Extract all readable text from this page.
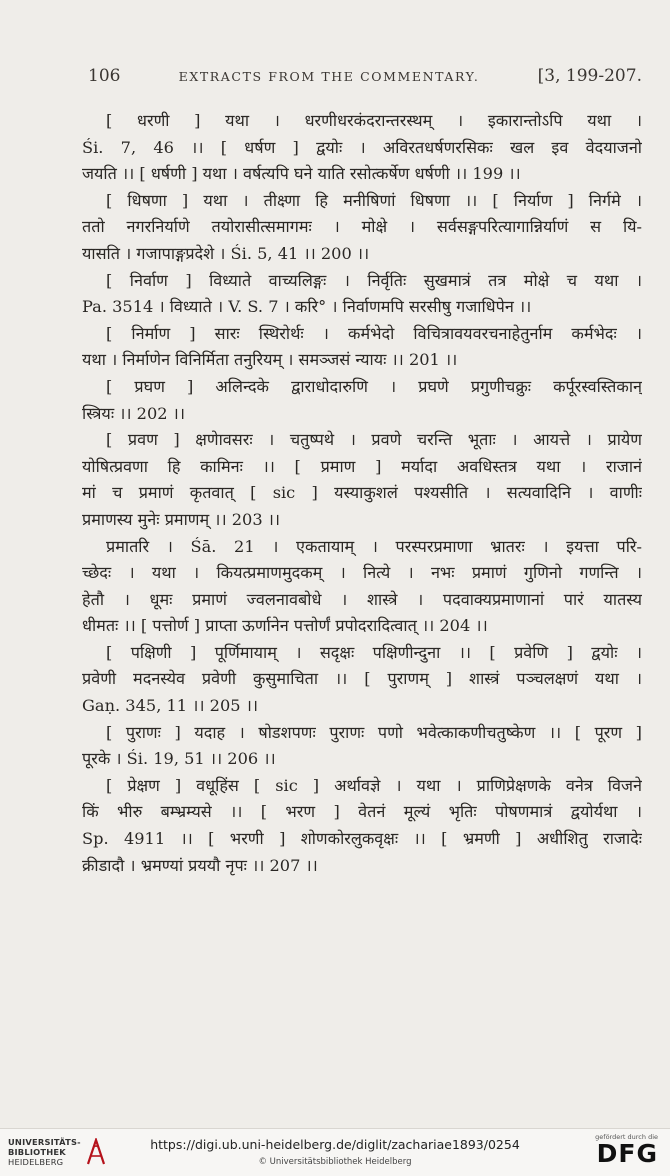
106	EXTRACTS FROM THE COMMENTARY.	[3, 199-207.
[ धरणी ] यथा । धरणीधरकंदरान्तरस्थम् । इकारान्तोऽपि यथा ।
Śi. 7, 46 ।। [ धर्षण ] द्वयोः । अविरतधर्षणरसिकः खल इव वेदयाजनो
जयति ।। [ धर्षणी ] यथा । वर्षत्यपि घने याति रसोत्कर्षेण धर्षणी ।। 199 ।।
[ धिषणा ] यथा । तीक्ष्णा हि मनीषिणां धिषणा ।। [ निर्याण ] निर्गमे ।
ततो नगरनिर्याणे तयोरासीत्समागमः । मोक्षे । सर्वसङ्गपरित्यागान्निर्याणं स यि-
यासति । गजापाङ्गप्रदेशे । Śi. 5, 41 ।। 200 ।।
[ निर्वाण ] विध्याते वाच्यलिङ्गः । निर्वृतिः सुखमात्रं तत्र मोक्षे च यथा ।
Pa. 3514 । विध्याते । V. S. 7 । करि° । निर्वाणमपि सरसीषु गजाधिपेन ।।
[ निर्माण ] सारः स्थिरोर्थः । कर्मभेदो विचित्रावयवरचनाहेतुर्नाम कर्मभेदः ।
यथा । निर्माणेन विनिर्मिता तनुरियम् । समञ्जसं न्यायः ।। 201 ।।
[ प्रघण ] अलिन्दके द्वाराधोदारुणि । प्रघणे प्रगुणीचक्रुः कर्पूरस्वस्तिकान्
स्त्रियः ।। 202 ।।
[ प्रवण ] क्षणेावसरः । चतुष्पथे । प्रवणे चरन्ति भूताः । आयत्ते । प्रायेण
योषित्प्रवणा हि कामिनः ।। [ प्रमाण ] मर्यादा अवधिस्तत्र यथा । राजानं
मां च प्रमाणं कृतवात् [ sic ] यस्याकुशलं पश्यसीति । सत्यवादिनि । वाणीः
प्रमाणस्य मुनेः प्रमाणम् ।। 203 ।।
प्रमातरि । Śā. 21 । एकतायाम् । परस्परप्रमाणा भ्रातरः । इयत्ता परि-
च्छेदः । यथा । कियत्प्रमाणमुदकम् । नित्ये । नभः प्रमाणं गुणिनो गणन्ति ।
हेतौ । धूमः प्रमाणं ज्वलनावबोधे । शास्त्रे । पदवाक्यप्रमाणानां पारं यातस्य
धीमतः ।। [ पत्तोर्ण ] प्राप्ता ऊर्णानेन पत्तोर्णं प्रपोदरादित्वात् ।। 204 ।।
[ पक्षिणी ] पूर्णिमायाम् । सदृक्षः पक्षिणीन्दुना ।। [ प्रवेणि ] द्वयोः ।
प्रवेणी मदनस्येव प्रवेणी कुसुमाचिता ।। [ पुराणम् ] शास्त्रं पञ्चलक्षणं यथा ।
Gaṇ. 345, 11 ।। 205 ।।
[ पुराणः ] यदाह । षोडशपणः पुराणः पणो भवेत्काकणीचतुष्केण ।। [ पूरण ]
पूरके । Śi. 19, 51 ।। 206 ।।
[ प्रेक्षण ] वधूहिंस [ sic ] अर्थावज्ञे । यथा । प्राणिप्रेक्षणके वनेत्र विजने
किं भीरु बम्भ्रम्यसे ।। [ भरण ] वेतनं मूल्यं भृतिः पोषणमात्रं द्वयोर्यथा ।
Sp. 4911 ।। [ भरणी ] शोणकोरलुकवृक्षः ।। [ भ्रमणी ] अधीशितु राजादेः
क्रीडादौ । भ्रमण्यां प्रययौ नृपः ।। 207 ।।
UNIVERSITÄTS-
BIBLIOTHEK
HEIDELBERG
https://digi.ub.uni-heidelberg.de/diglit/zachariae1893/0254
© Universitätsbibliothek Heidelberg
gefördert durch die
DFG
